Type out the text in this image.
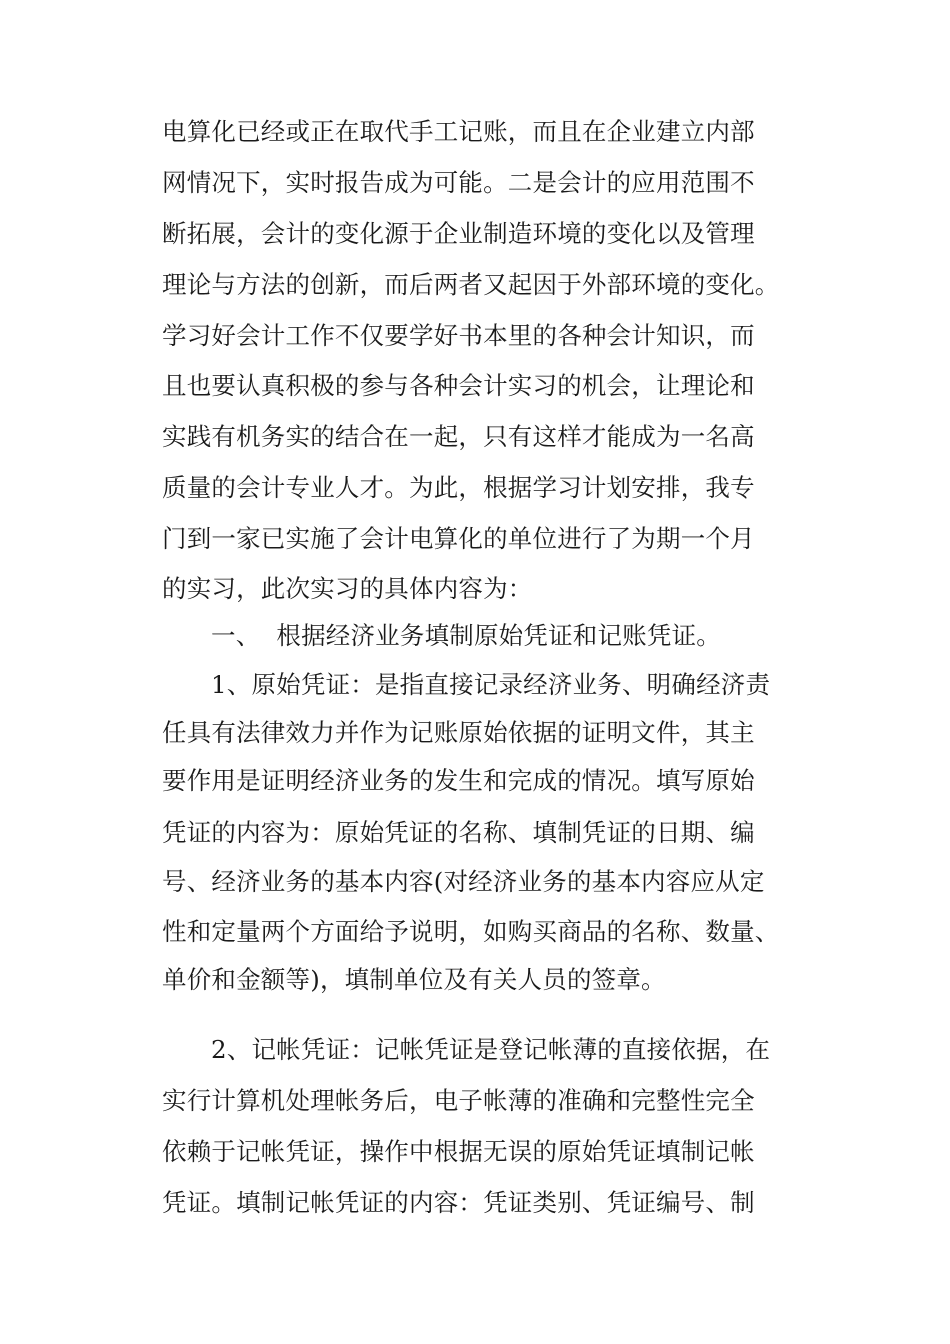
电算化已经或正在取代手工记账，而且在企业建立内部
网情况下，实时报告成为可能。二是会计的应用范围不
断拓展，会计的变化源于企业制造环境的变化以及管理
理论与方法的创新，而后两者又起因于外部环境的变化。
学习好会计工作不仅要学好书本里的各种会计知识，而
且也要认真积极的参与各种会计实习的机会，让理论和
实践有机务实的结合在一起，只有这样才能成为一名高
质量的会计专业人才。为此，根据学习计划安排，我专
门到一家已实施了会计电算化的单位进行了为期一个月
的实习，此次实习的具体内容为：
一、  根据经济业务填制原始凭证和记账凭证。
1、原始凭证：是指直接记录经济业务、明确经济责
任具有法律效力并作为记账原始依据的证明文件，其主
要作用是证明经济业务的发生和完成的情况。填写原始
凭证的内容为：原始凭证的名称、填制凭证的日期、编
号、经济业务的基本内容(对经济业务的基本内容应从定
性和定量两个方面给予说明，如购买商品的名称、数量、
单价和金额等)，填制单位及有关人员的签章。
2、记帐凭证：记帐凭证是登记帐薄的直接依据，在
实行计算机处理帐务后，电子帐薄的准确和完整性完全
依赖于记帐凭证，操作中根据无误的原始凭证填制记帐
凭证。填制记帐凭证的内容：凭证类别、凭证编号、制
